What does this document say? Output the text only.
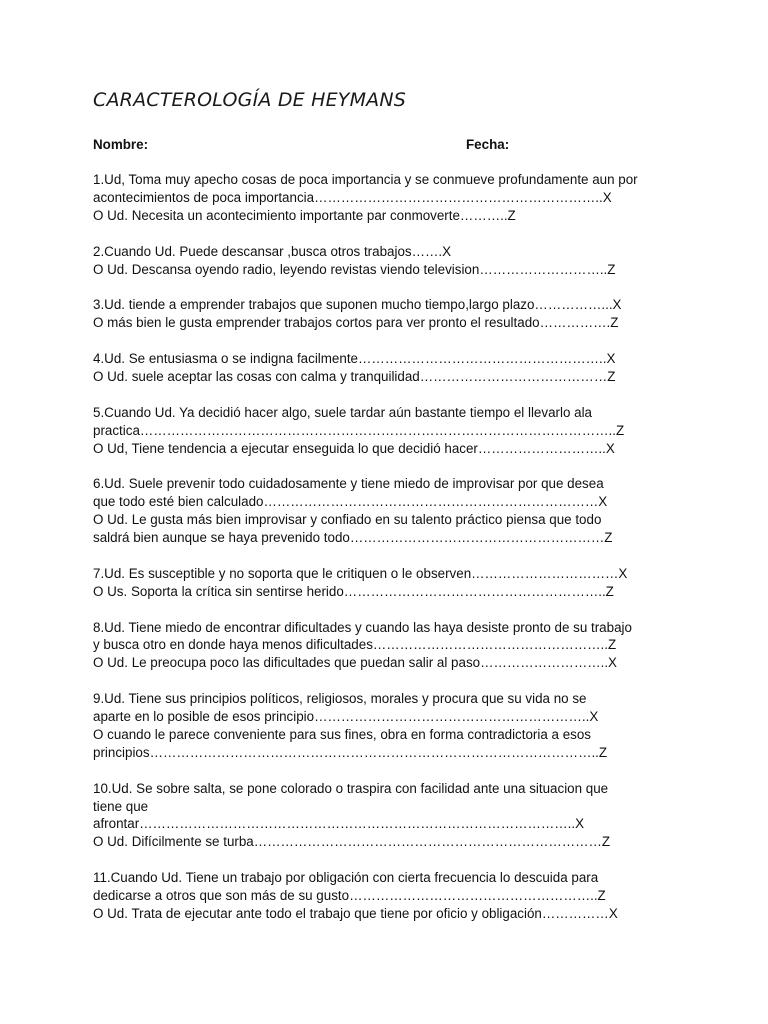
CARACTEROLOGÍA DE HEYMANS
Nombre:	Fecha:
1.Ud, Toma muy apecho cosas de poca importancia y se conmueve profundamente aun por
acontecimientos de poca importancia………………………………………………………..X
O Ud. Necesita un acontecimiento importante par conmoverte………..Z
2.Cuando Ud. Puede descansar ,busca otros trabajos…….X
O Ud. Descansa oyendo radio, leyendo revistas viendo television………………………..Z
3.Ud. tiende a emprender trabajos que suponen mucho tiempo,largo plazo……………...X
O más bien le gusta emprender trabajos cortos para ver pronto el resultado…………….Z
4.Ud. Se entusiasma o se indigna facilmente………………………………………………..X
O Ud. suele aceptar las cosas con calma y tranquilidad……………………………………Z
5.Cuando Ud. Ya decidió hacer algo, suele tardar aún bastante tiempo el llevarlo ala
practica……………………………………………………………………………………………..Z
O Ud, Tiene tendencia a ejecutar enseguida lo que decidió hacer………………………..X
6.Ud. Suele prevenir todo cuidadosamente y tiene miedo de improvisar por que desea
que todo esté bien calculado…………………………………………………………………X
O Ud. Le gusta más bien improvisar y confiado en su talento práctico piensa que todo
saldrá bien aunque se haya prevenido todo…………………………………………………Z
7.Ud. Es susceptible y no soporta que le critiquen o le observen……………………………X
O Us. Soporta la crítica sin sentirse herido…………………………………………………..Z
8.Ud. Tiene miedo de encontrar dificultades y cuando las haya desiste pronto de su trabajo
y busca otro en donde haya menos dificultades……………………………………………..Z
O Ud. Le preocupa poco las dificultades que puedan salir al paso………………………..X
9.Ud. Tiene sus principios políticos, religiosos, morales y procura que su vida no se
aparte en lo posible de esos principio……………………………………………………..X
O cuando le parece conveniente para sus fines, obra en forma contradictoria a esos
principios………………………………………………………………………………………..Z
10.Ud. Se sobre salta, se pone colorado o traspira con facilidad ante una situacion que
tiene que
afrontar……………………………………………………………………………………..X
O Ud. Difícilmente se turba……………………………………………………………………Z
11.Cuando Ud. Tiene un trabajo por obligación con cierta frecuencia lo descuida para
dedicarse a otros que son más de su gusto………………………………………………..Z
O Ud. Trata de ejecutar ante todo el trabajo que tiene por oficio y obligación……………X
